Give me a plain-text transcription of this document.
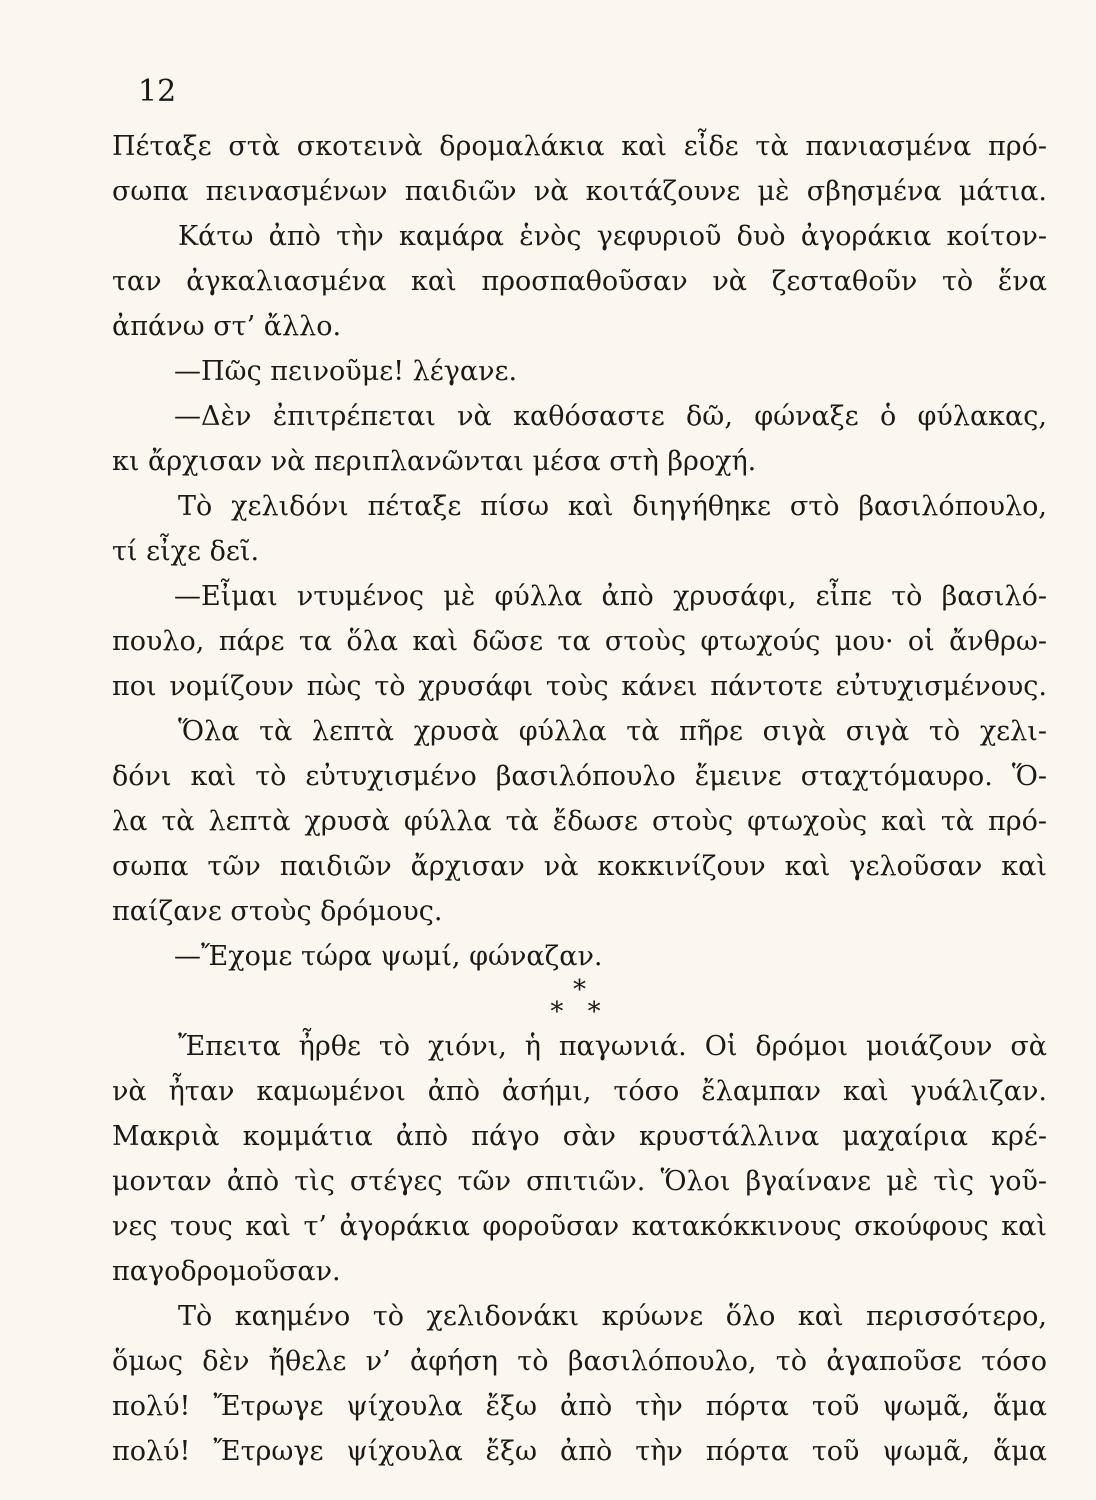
12
Πέταξε στὰ σκοτεινὰ δρομαλάκια καὶ εἶδε τὰ πανιασμένα πρό-
σωπα πεινασμένων παιδιῶν νὰ κοιτάζουνε μὲ σβησμένα μάτια.
Κάτω ἀπὸ τὴν καμάρα ἑνὸς γεφυριοῦ δυὸ ἀγοράκια κοίτον-
ταν ἀγκαλιασμένα καὶ προσπαθοῦσαν νὰ ζεσταθοῦν τὸ ἕνα
ἀπάνω στ’ ἄλλο.
—Πῶς πεινοῦμε! λέγανε.
—Δὲν ἐπιτρέπεται νὰ καθόσαστε δῶ, φώναξε ὁ φύλακας,
κι ἄρχισαν νὰ περιπλανῶνται μέσα στὴ βροχή.
Τὸ χελιδόνι πέταξε πίσω καὶ διηγήθηκε στὸ βασιλόπουλο,
τί εἶχε δεῖ.
—Εἶμαι ντυμένος μὲ φύλλα ἀπὸ χρυσάφι, εἶπε τὸ βασιλό-
πουλο, πάρε τα ὅλα καὶ δῶσε τα στοὺς φτωχούς μου· οἱ ἄνθρω-
ποι νομίζουν πὼς τὸ χρυσάφι τοὺς κάνει πάντοτε εὐτυχισμένους.
Ὅλα τὰ λεπτὰ χρυσὰ φύλλα τὰ πῆρε σιγὰ σιγὰ τὸ χελι-
δόνι καὶ τὸ εὐτυχισμένο βασιλόπουλο ἔμεινε σταχτόμαυρο. Ὅ-
λα τὰ λεπτὰ χρυσὰ φύλλα τὰ ἔδωσε στοὺς φτωχοὺς καὶ τὰ πρό-
σωπα τῶν παιδιῶν ἄρχισαν νὰ κοκκινίζουν καὶ γελοῦσαν καὶ
παίζανε στοὺς δρόμους.
—Ἔχομε τώρα ψωμί, φώναζαν.
*
* *
Ἔπειτα ἦρθε τὸ χιόνι, ἡ παγωνιά. Οἱ δρόμοι μοιάζουν σὰ
νὰ ἦταν καμωμένοι ἀπὸ ἀσήμι, τόσο ἔλαμπαν καὶ γυάλιζαν.
Μακριὰ κομμάτια ἀπὸ πάγο σὰν κρυστάλλινα μαχαίρια κρέ-
μονταν ἀπὸ τὶς στέγες τῶν σπιτιῶν. Ὅλοι βγαίνανε μὲ τὶς γοῦ-
νες τους καὶ τ’ ἀγοράκια φοροῦσαν κατακόκκινους σκούφους καὶ
παγοδρομοῦσαν.
Τὸ καημένο τὸ χελιδονάκι κρύωνε ὅλο καὶ περισσότερο,
ὅμως δὲν ἤθελε ν’ ἀφήση τὸ βασιλόπουλο, τὸ ἀγαποῦσε τόσο
πολύ! Ἔτρωγε ψίχουλα ἔξω ἀπὸ τὴν πόρτα τοῦ ψωμᾶ, ἅμα
πολύ! Ἔτρωγε ψίχουλα ἔξω ἀπὸ τὴν πόρτα τοῦ ψωμᾶ, ἅμα
